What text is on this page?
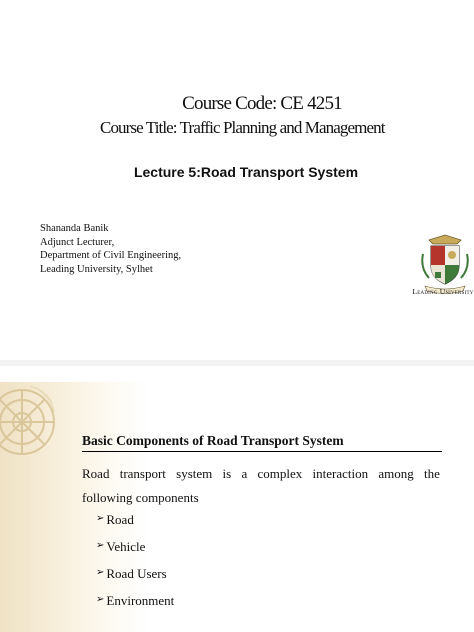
Course Code: CE 4251
Course Title: Traffic Planning and Management
Lecture 5:Road Transport System
Shananda Banik
Adjunct Lecturer,
Department of Civil Engineering,
Leading University, Sylhet
Leading University
Basic Components of Road Transport System
Road transport system is a complex interaction among the
following components
➢ Road
➢ Vehicle
➢ Road Users
➢ Environment
